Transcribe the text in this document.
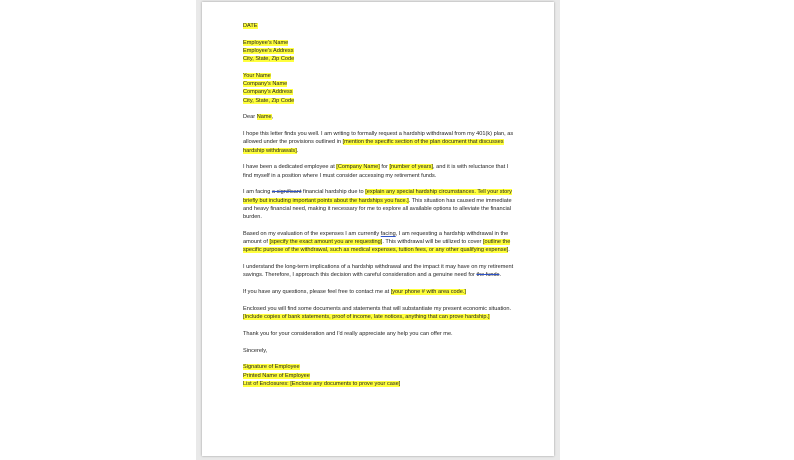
DATE

Employee's Name

Employee's Address

City, State, Zip Code

Your Name

Company's Name

Company's Address

City, State, Zip Code

Dear Name,

I hope this letter finds you well. I am writing to formally request a hardship withdrawal from my 401(k) plan, as allowed under the provisions outlined in [mention the specific section of the plan document that discusses hardship withdrawals].

I have been a dedicated employee at [Company Name] for [number of years], and it is with reluctance that I find myself in a position where I must consider accessing my retirement funds.

I am facing a significant financial hardship due to [explain any special hardship circumstances. Tell your story briefly but including important points about the hardships you face.]. This situation has caused me immediate and heavy financial need, making it necessary for me to explore all available options to alleviate the financial burden.

Based on my evaluation of the expenses I am currently facing, I am requesting a hardship withdrawal in the amount of [specify the exact amount you are requesting]. This withdrawal will be utilized to cover [outline the specific purpose of the withdrawal, such as medical expenses, tuition fees, or any other qualifying expense].

I understand the long-term implications of a hardship withdrawal and the impact it may have on my retirement savings. Therefore, I approach this decision with careful consideration and a genuine need for the funds.

If you have any questions, please feel free to contact me at [your phone # with area code.]

Enclosed you will find some documents and statements that will substantiate my present economic situation. [Include copies of bank statements, proof of income, late notices, anything that can prove hardship.]

Thank you for your consideration and I'd really appreciate any help you can offer me.

Sincerely,

Signature of Employee

Printed Name of Employee

List of Enclosures: [Enclose any documents to prove your case]
